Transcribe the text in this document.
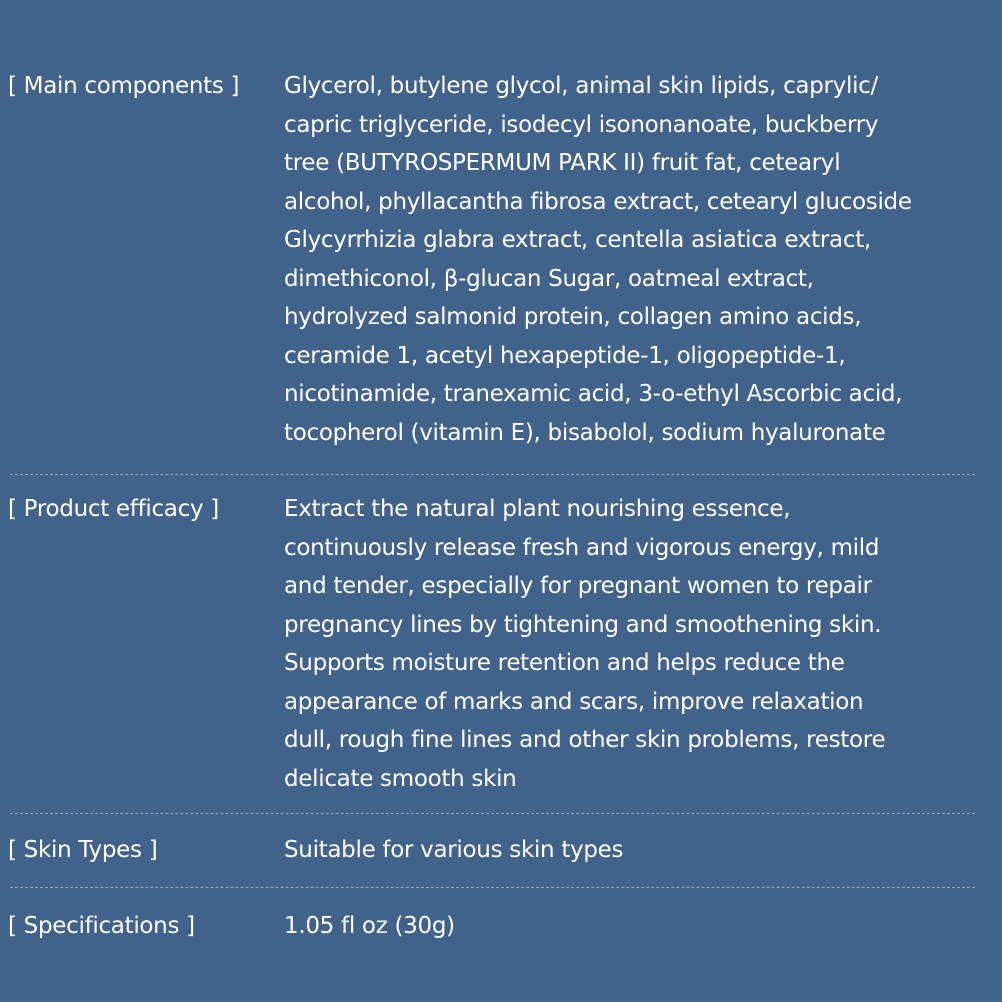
[ Main components ] Glycerol, butylene glycol, animal skin lipids, caprylic/
capric triglyceride, isodecyl isononanoate, buckberry
tree (BUTYROSPERMUM PARK II) fruit fat, cetearyl
alcohol, phyllacantha fibrosa extract, cetearyl glucoside
Glycyrrhizia glabra extract, centella asiatica extract,
dimethiconol, β-glucan Sugar, oatmeal extract,
hydrolyzed salmonid protein, collagen amino acids,
ceramide 1, acetyl hexapeptide-1, oligopeptide-1,
nicotinamide, tranexamic acid, 3-o-ethyl Ascorbic acid,
tocopherol (vitamin E), bisabolol, sodium hyaluronate
[ Product efficacy ]	Extract the natural plant nourishing essence,
continuously release fresh and vigorous energy, mild
and tender, especially for pregnant women to repair
pregnancy lines by tightening and smoothening skin.
Supports moisture retention and helps reduce the
appearance of marks and scars, improve relaxation
dull, rough fine lines and other skin problems, restore
delicate smooth skin
[ Skin Types ]	Suitable for various skin types
[ Specifications ]	1.05 fl oz (30g)
